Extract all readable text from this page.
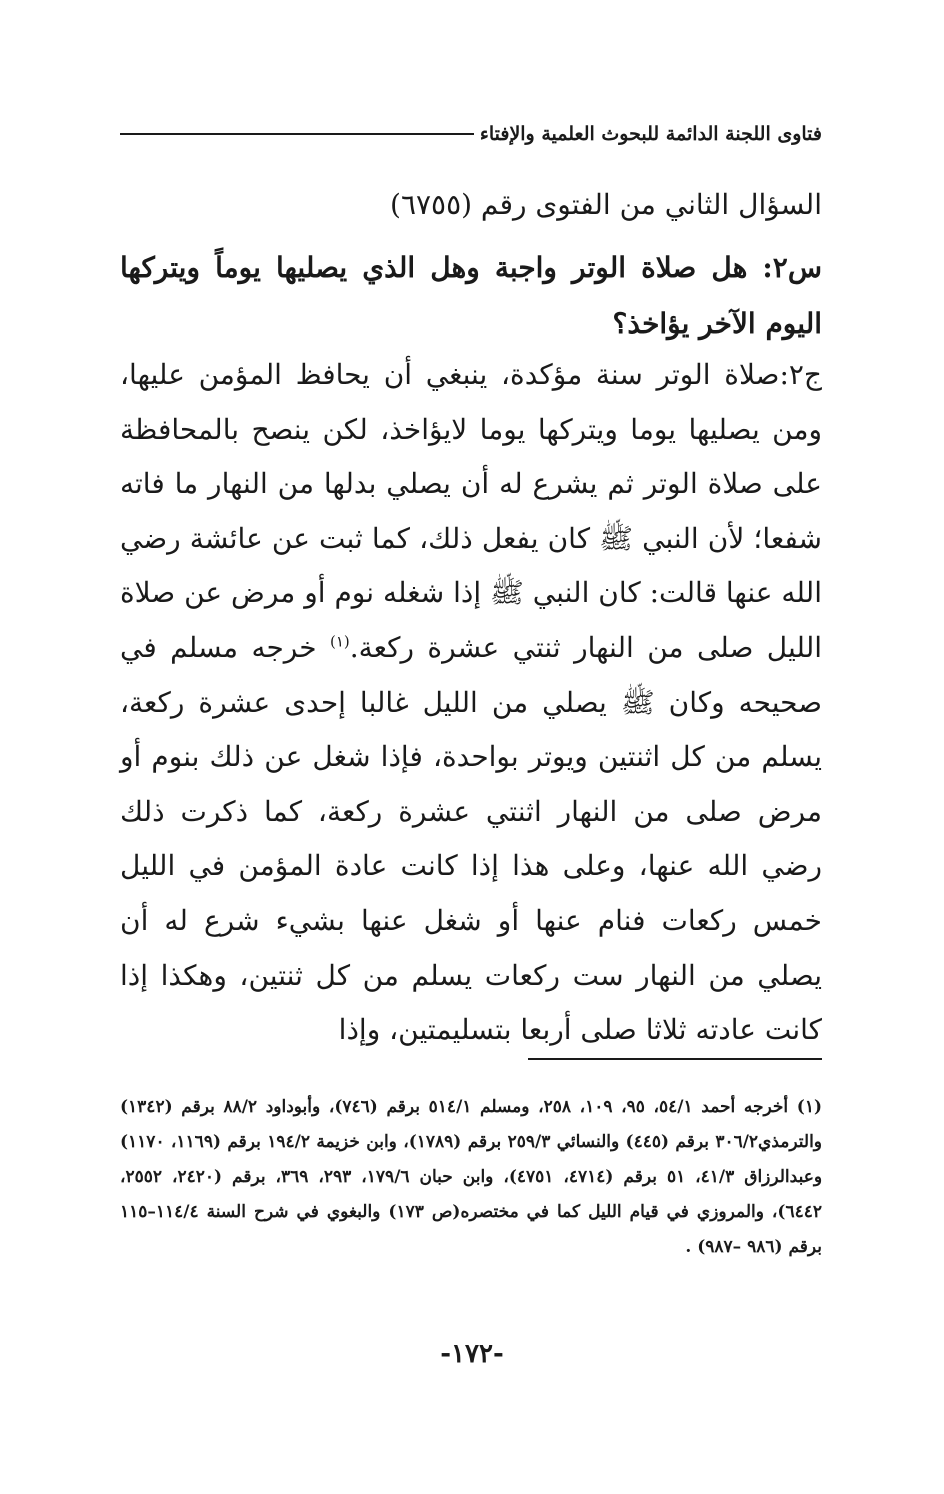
فتاوى اللجنة الدائمة للبحوث العلمية والإفتاء
السؤال الثاني من الفتوى رقم (٦٧٥٥)
س٢: هل صلاة الوتر واجبة وهل الذي يصليها يوماً ويتركها اليوم الآخر يؤاخذ؟
ج٢:صلاة الوتر سنة مؤكدة، ينبغي أن يحافظ المؤمن عليها، ومن يصليها يوما ويتركها يوما لايؤاخذ، لكن ينصح بالمحافظة على صلاة الوتر ثم يشرع له أن يصلي بدلها من النهار ما فاته شفعا؛ لأن النبي ﷺ كان يفعل ذلك، كما ثبت عن عائشة رضي الله عنها قالت: كان النبي ﷺ إذا شغله نوم أو مرض عن صلاة الليل صلى من النهار ثنتي عشرة ركعة.$^{(١)}$ خرجه مسلم في صحيحه وكان ﷺ يصلي من الليل غالبا إحدى عشرة ركعة، يسلم من كل اثنتين ويوتر بواحدة، فإذا شغل عن ذلك بنوم أو مرض صلى من النهار اثنتي عشرة ركعة، كما ذكرت ذلك رضي الله عنها، وعلى هذا إذا كانت عادة المؤمن في الليل خمس ركعات فنام عنها أو شغل عنها بشيء شرع له أن يصلي من النهار ست ركعات يسلم من كل ثنتين، وهكذا إذا كانت عادته ثلاثا صلى أربعا بتسليمتين، وإذا
(١) أخرجه أحمد ٥٤/١، ٩٥، ١٠٩، ٢٥٨، ومسلم ٥١٤/١ برقم (٧٤٦)، وأبوداود ٨٨/٢ برقم (١٣٤٢) والترمذي٣٠٦/٢ برقم (٤٤٥) والنسائي ٢٥٩/٣ برقم (١٧٨٩)، وابن خزيمة ١٩٤/٢ برقم (١١٦٩، ١١٧٠) وعبدالرزاق ٤١/٣، ٥١ برقم (٤٧١٤، ٤٧٥١)، وابن حبان ١٧٩/٦، ٢٩٣، ٣٦٩، برقم (٢٤٢٠، ٢٥٥٢، ٦٤٤٢)، والمروزي في قيام الليل كما في مختصره(ص ١٧٣) والبغوي في شرح السنة ١١٤/٤–١١٥ برقم (٩٨٦ –٩٨٧) .
-١٧٢-
